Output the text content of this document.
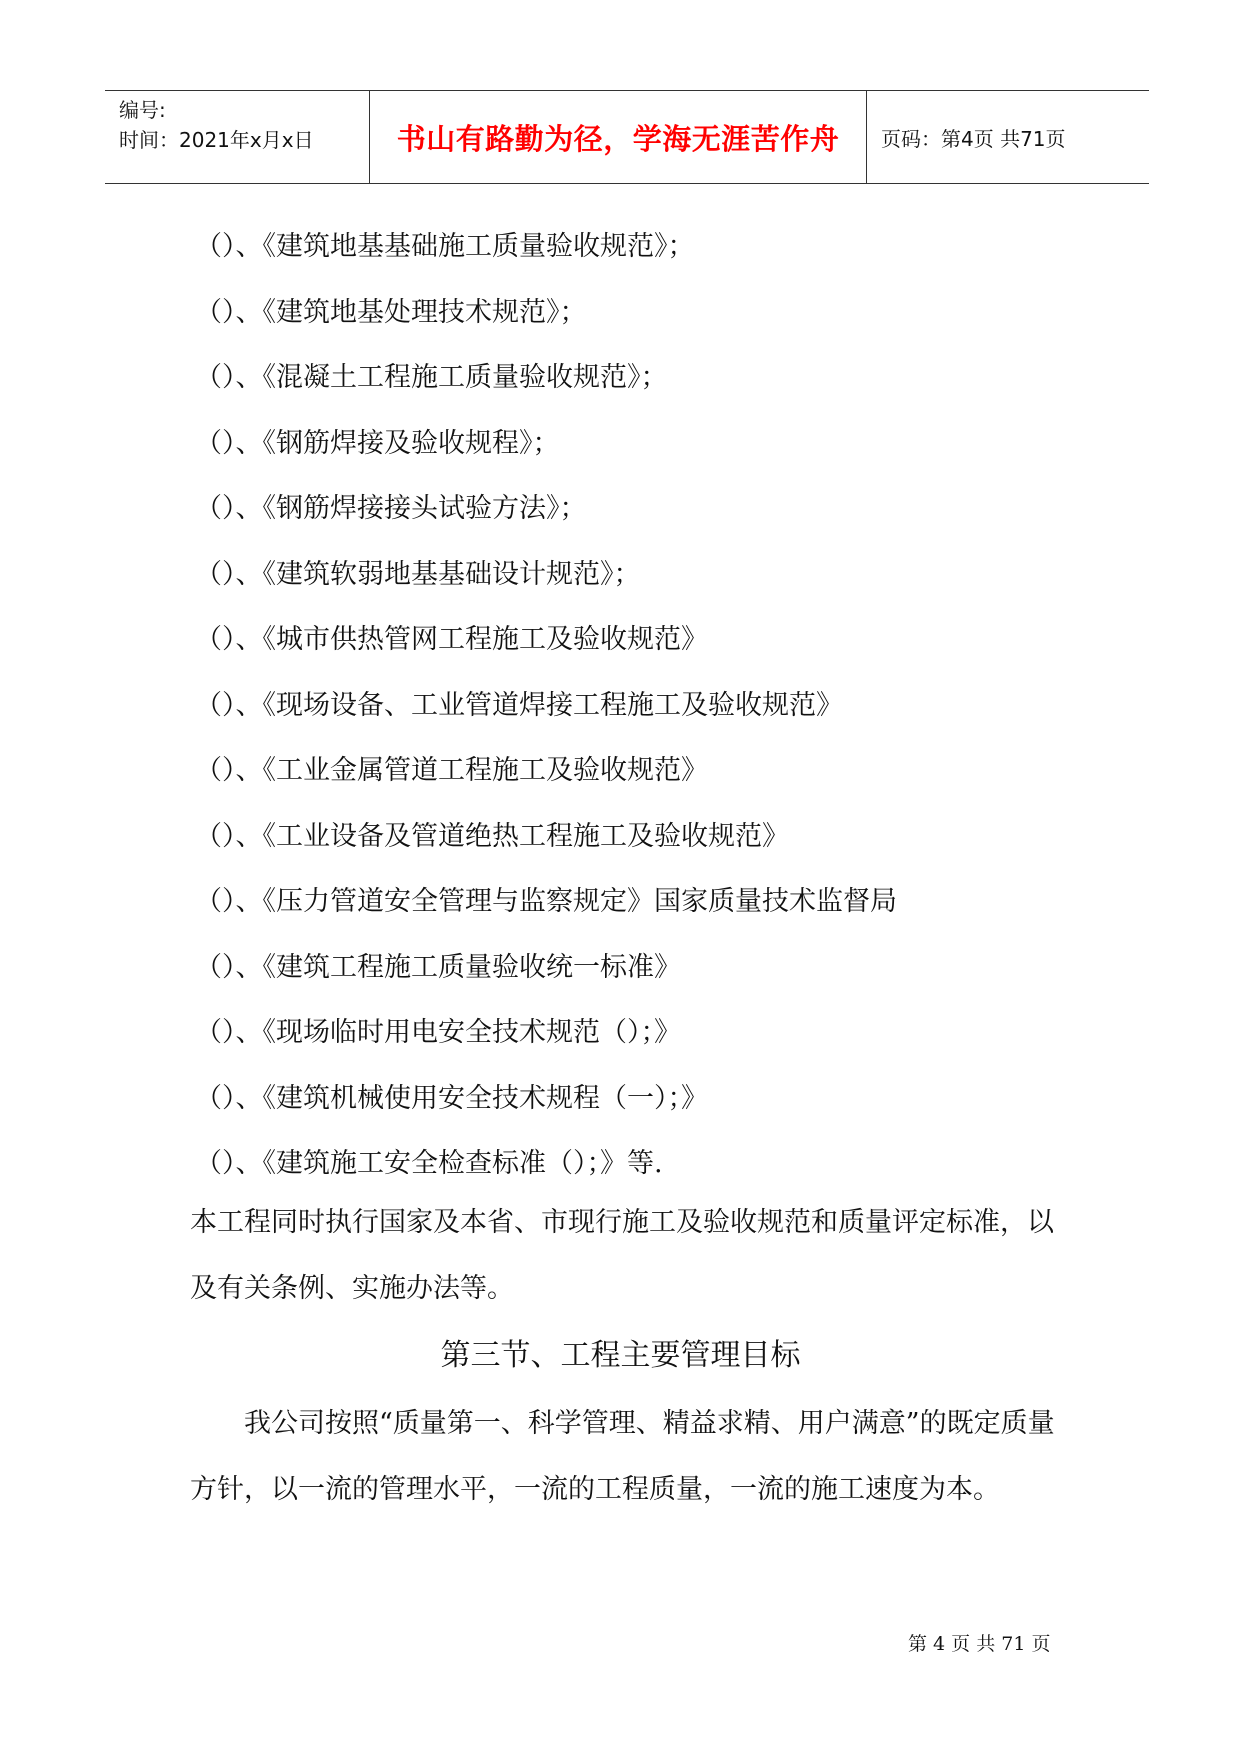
编号:
时间：2021年x月x日	书山有路勤为径，学海无涯苦作舟	页码：第4页 共71页
（）、《建筑地基基础施工质量验收规范》；
（）、《建筑地基处理技术规范》；
（）、《混凝土工程施工质量验收规范》；
（）、《钢筋焊接及验收规程》；
（）、《钢筋焊接接头试验方法》；
（）、《建筑软弱地基基础设计规范》；
（）、《城市供热管网工程施工及验收规范》
（）、《现场设备、工业管道焊接工程施工及验收规范》
（）、《工业金属管道工程施工及验收规范》
（）、《工业设备及管道绝热工程施工及验收规范》
（）、《压力管道安全管理与监察规定》国家质量技术监督局
（）、《建筑工程施工质量验收统一标准》
（）、《现场临时用电安全技术规范（）；》
（）、《建筑机械使用安全技术规程（一）；》
（）、《建筑施工安全检查标准（）；》等.

本工程同时执行国家及本省、市现行施工及验收规范和质量评定标准，以及有关条例、实施办法等。

第三节、工程主要管理目标

我公司按照“质量第一、科学管理、精益求精、用户满意”的既定质量方针，以一流的管理水平，一流的工程质量，一流的施工速度为本。

第 4 页 共 71 页
